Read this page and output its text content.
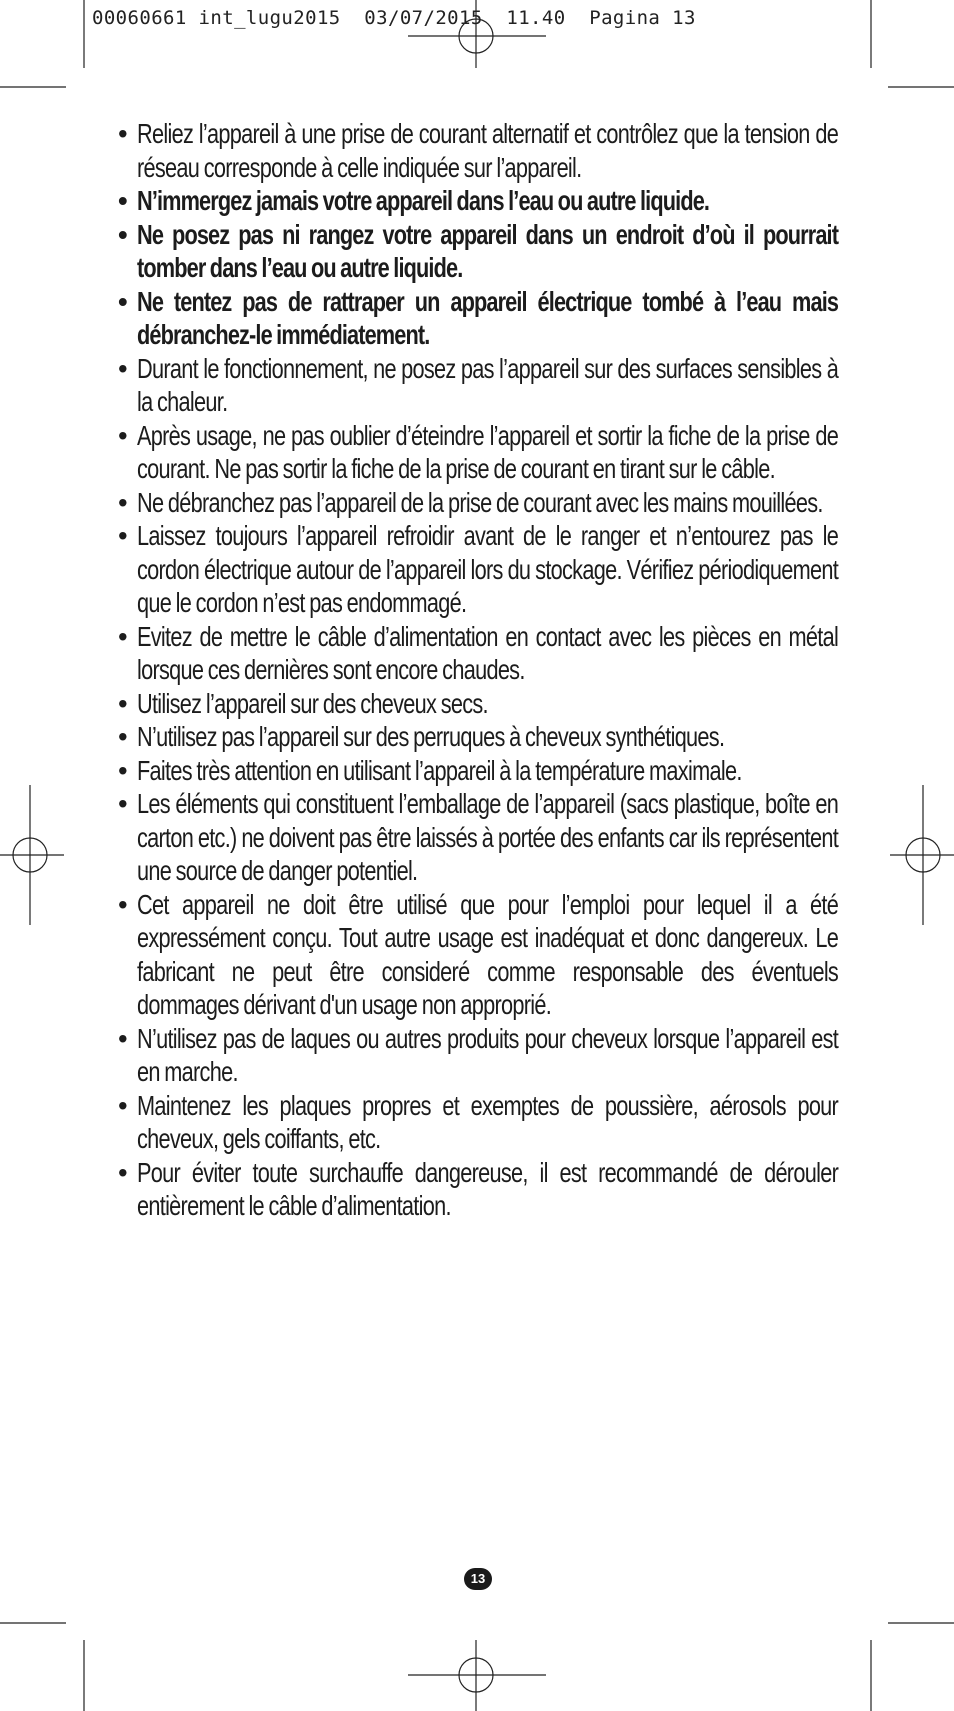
00060661 int_lugu2015  03/07/2015  11.40  Pagina 13
• Reliez l’appareil à une prise de courant alternatif et contrôlez que la tension de réseau corresponde à celle indiquée sur l’appareil.
• N’immergez jamais votre appareil dans l’eau ou autre liquide.
• Ne posez pas ni rangez votre appareil dans un endroit d’où il pourrait tomber dans l’eau ou autre liquide.
• Ne tentez pas de rattraper un appareil électrique tombé à l’eau mais débranchez-le immédiatement.
• Durant le fonctionnement, ne posez pas l’appareil sur des surfaces sensibles à la chaleur.
• Après usage, ne pas oublier d’éteindre l’appareil et sortir la fiche de la prise de courant. Ne pas sortir la fiche de la prise de courant en tirant sur le câble.
• Ne débranchez pas l’appareil de la prise de courant avec les mains mouillées.
• Laissez toujours l’appareil refroidir avant de le ranger et n’entourez pas le cordon électrique autour de l’appareil lors du stockage. Vérifiez périodiquement que le cordon n’est pas endommagé.
• Evitez de mettre le câble d’alimentation en contact avec les pièces en métal lorsque ces dernières sont encore chaudes.
• Utilisez l’appareil sur des cheveux secs.
• N’utilisez pas l’appareil sur des perruques à cheveux synthétiques.
• Faites très attention en utilisant l’appareil à la température maximale.
• Les éléments qui constituent l’emballage de l’appareil (sacs plastique, boîte en carton etc.) ne doivent pas être laissés à portée des enfants car ils représentent une source de danger potentiel.
• Cet appareil ne doit être utilisé que pour l’emploi pour lequel il a été expressément conçu. Tout autre usage est inadéquat et donc dangereux. Le fabricant ne peut être consideré comme responsable des éventuels dommages dérivant d'un usage non approprié.
• N’utilisez pas de laques ou autres produits pour cheveux lorsque l’appareil est en marche.
• Maintenez les plaques propres et exemptes de poussière, aérosols pour cheveux, gels coiffants, etc.
• Pour éviter toute surchauffe dangereuse, il est recommandé de dérouler entièrement le câble d’alimentation.
13
